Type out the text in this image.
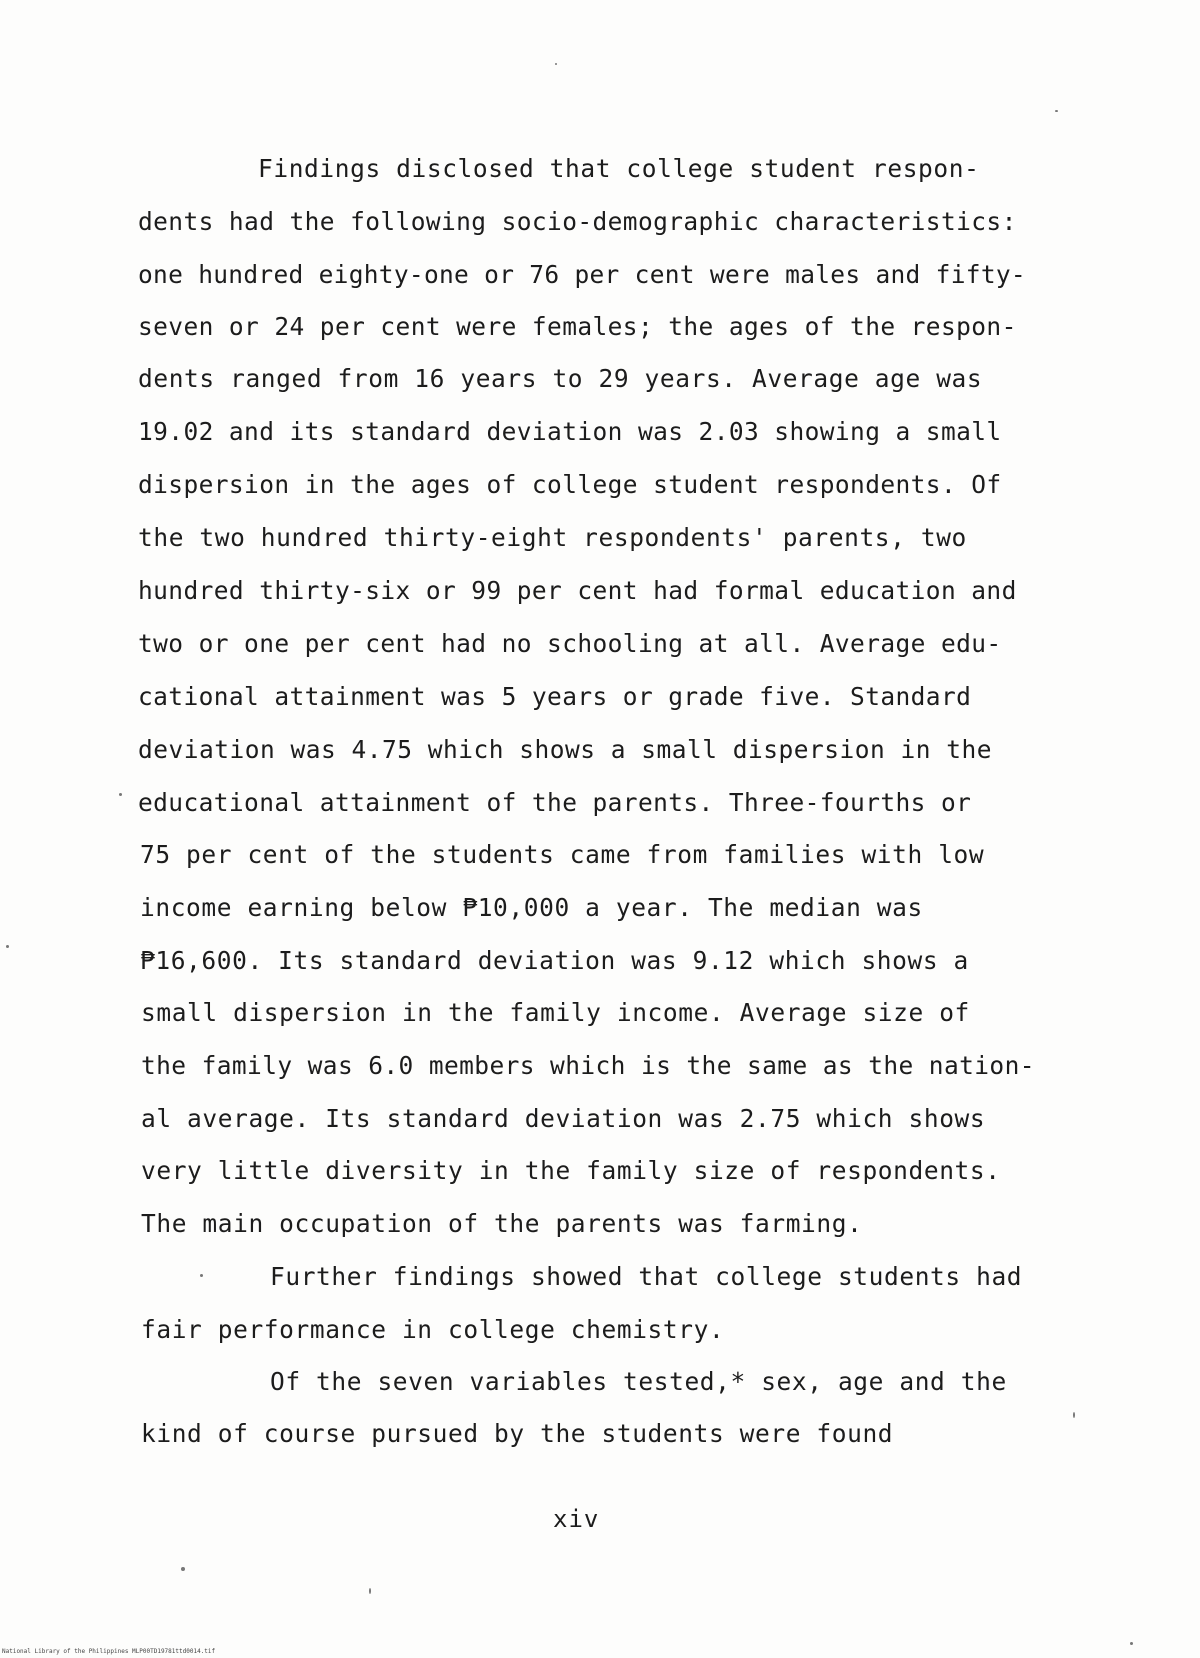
Findings disclosed that college student respon-
dents had the following socio-demographic characteristics:
one hundred eighty-one or 76 per cent were males and fifty-
seven or 24 per cent were females; the ages of the respon-
dents ranged from 16 years to 29 years. Average age was
19.02 and its standard deviation was 2.03 showing a small
dispersion in the ages of college student respondents. Of
the two hundred thirty-eight respondents' parents, two
hundred thirty-six or 99 per cent had formal education and
two or one per cent had no schooling at all. Average edu-
cational attainment was 5 years or grade five. Standard
deviation was 4.75 which shows a small dispersion in the
educational attainment of the parents. Three-fourths or
75 per cent of the students came from families with low
income earning below ₱10,000 a year. The median was
₱16,600. Its standard deviation was 9.12 which shows a
small dispersion in the family income. Average size of
the family was 6.0 members which is the same as the nation-
al average. Its standard deviation was 2.75 which shows
very little diversity in the family size of respondents.
The main occupation of the parents was farming.
Further findings showed that college students had
fair performance in college chemistry.
Of the seven variables tested,* sex, age and the
kind of course pursued by the students were found
xiv
National Library of the Philippines MLP00TD19781ttd0014.tif
